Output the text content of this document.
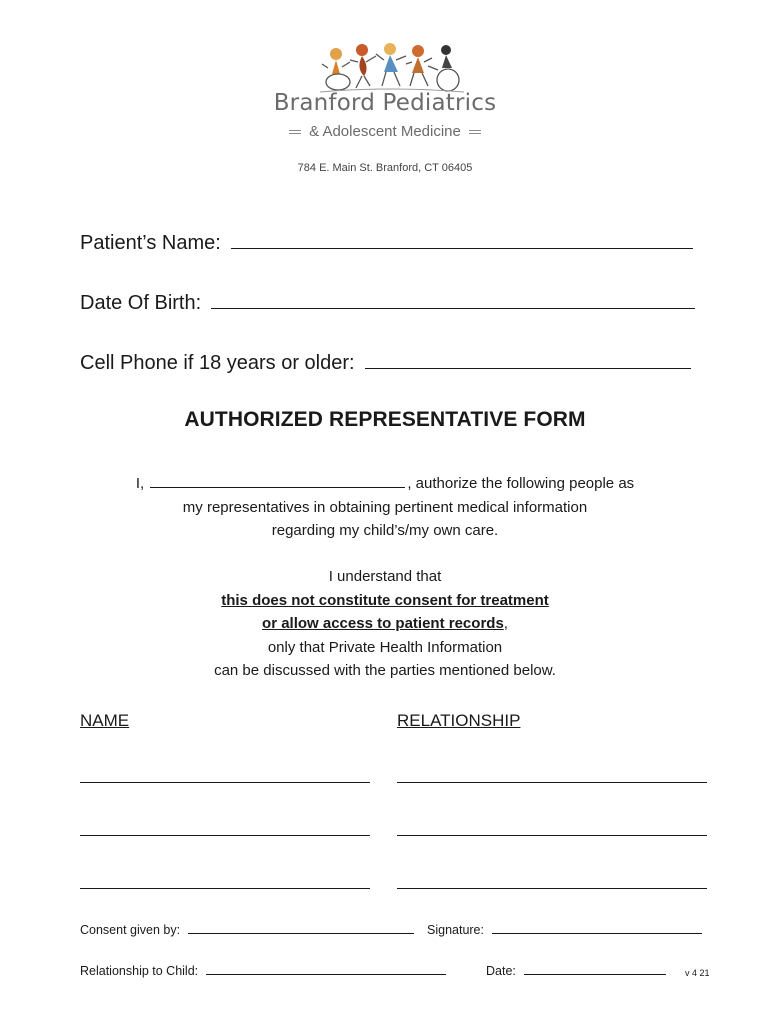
Branford Pediatrics
& Adolescent Medicine
784 E. Main St. Branford, CT 06405
Patient’s Name:
Date Of Birth:
Cell Phone if 18 years or older:
AUTHORIZED REPRESENTATIVE FORM
I,	, authorize the following people as
my representatives in obtaining pertinent medical information
regarding my child’s/my own care.
I understand that
this does not constitute consent for treatment
or allow access to patient records,
only that Private Health Information
can be discussed with the parties mentioned below.
NAME	RELATIONSHIP
Consent given by:	Signature:
Relationship to Child:	Date:	v 4 21
